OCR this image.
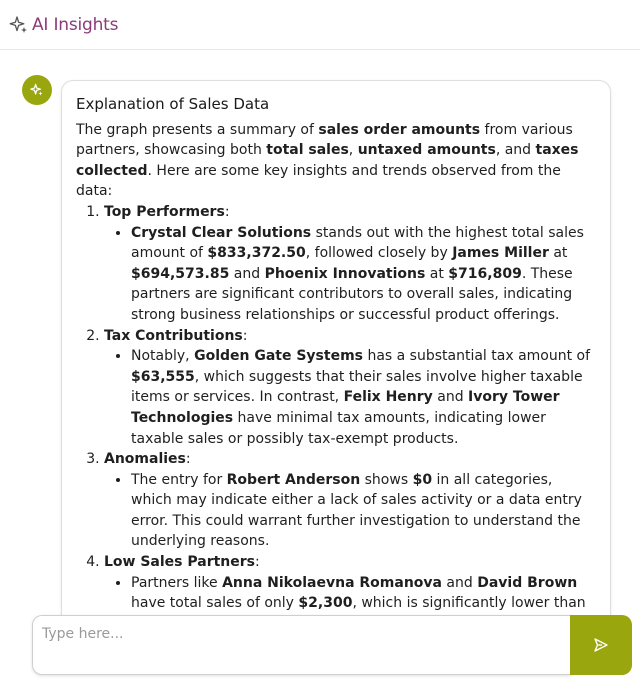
AI Insights
Explanation of Sales Data

The graph presents a summary of sales order amounts from various partners, showcasing both total sales, untaxed amounts, and taxes collected. Here are some key insights and trends observed from the data:

1. Top Performers:
• Crystal Clear Solutions stands out with the highest total sales amount of $833,372.50, followed closely by James Miller at $694,573.85 and Phoenix Innovations at $716,809. These partners are significant contributors to overall sales, indicating strong business relationships or successful product offerings.
2. Tax Contributions:
• Notably, Golden Gate Systems has a substantial tax amount of $63,555, which suggests that their sales involve higher taxable items or services. In contrast, Felix Henry and Ivory Tower Technologies have minimal tax amounts, indicating lower taxable sales or possibly tax-exempt products.
3. Anomalies:
• The entry for Robert Anderson shows $0 in all categories, which may indicate either a lack of sales activity or a data entry error. This could warrant further investigation to understand the underlying reasons.
4. Low Sales Partners:
• Partners like Anna Nikolaevna Romanova and David Brown have total sales of only $2,300, which is significantly lower than
Type here...
